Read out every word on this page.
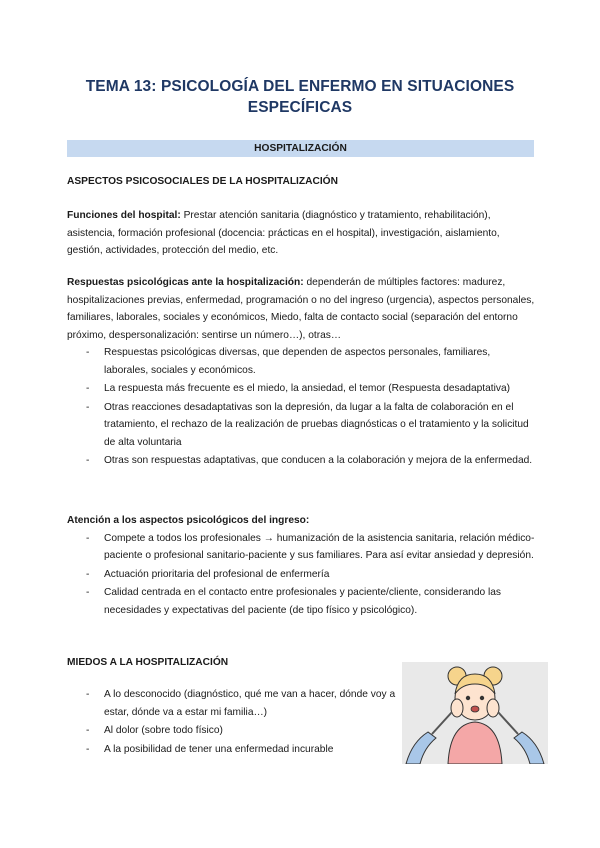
TEMA 13: PSICOLOGÍA DEL ENFERMO EN SITUACIONES ESPECÍFICAS
HOSPITALIZACIÓN
ASPECTOS PSICOSOCIALES DE LA HOSPITALIZACIÓN
Funciones del hospital: Prestar atención sanitaria (diagnóstico y tratamiento, rehabilitación), asistencia, formación profesional (docencia: prácticas en el hospital), investigación, aislamiento, gestión, actividades, protección del medio, etc.
Respuestas psicológicas ante la hospitalización: dependerán de múltiples factores: madurez, hospitalizaciones previas, enfermedad, programación o no del ingreso (urgencia), aspectos personales, familiares, laborales, sociales y económicos, Miedo, falta de contacto social (separación del entorno próximo, despersonalización: sentirse un número…), otras…
- Respuestas psicológicas diversas, que dependen de aspectos personales, familiares, laborales, sociales y económicos.
- La respuesta más frecuente es el miedo, la ansiedad, el temor (Respuesta desadaptativa)
- Otras reacciones desadaptativas son la depresión, da lugar a la falta de colaboración en el tratamiento, el rechazo de la realización de pruebas diagnósticas o el tratamiento y la solicitud de alta voluntaria
- Otras son respuestas adaptativas, que conducen a la colaboración y mejora de la enfermedad.
Atención a los aspectos psicológicos del ingreso:
- Compete a todos los profesionales → humanización de la asistencia sanitaria, relación médico-paciente o profesional sanitario-paciente y sus familiares. Para así evitar ansiedad y depresión.
- Actuación prioritaria del profesional de enfermería
- Calidad centrada en el contacto entre profesionales y paciente/cliente, considerando las necesidades y expectativas del paciente (de tipo físico y psicológico).
MIEDOS A LA HOSPITALIZACIÓN
- A lo desconocido (diagnóstico, qué me van a hacer, dónde voy a estar, dónde va a estar mi familia…)
- Al dolor (sobre todo físico)
- A la posibilidad de tener una enfermedad incurable
